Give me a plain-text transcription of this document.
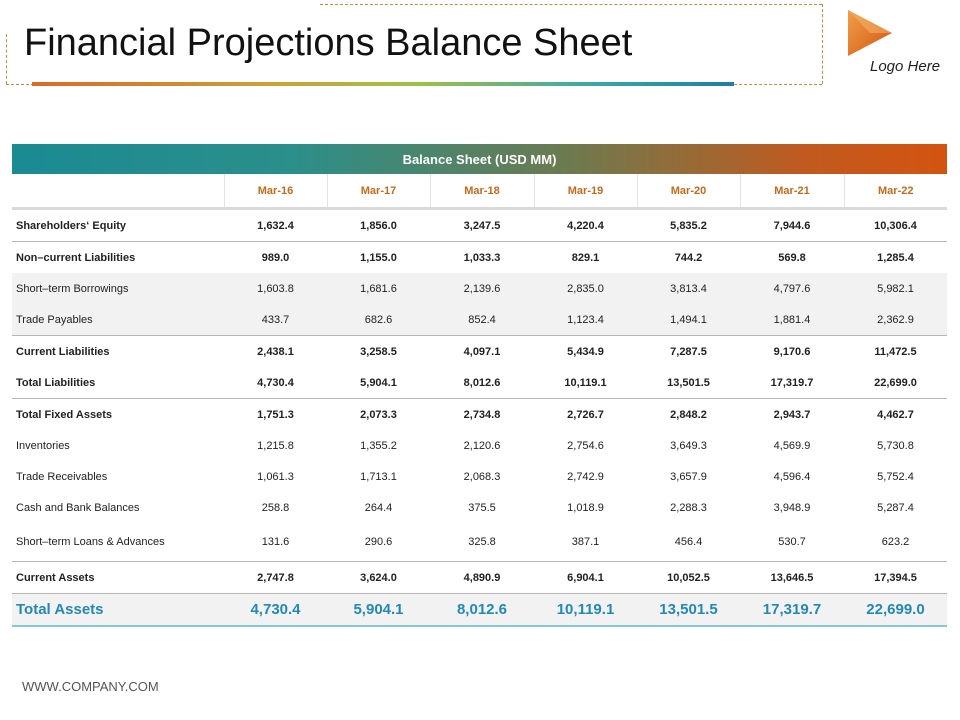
Financial Projections Balance Sheet
Logo Here
Balance Sheet (USD MM)							
	Mar-16	Mar-17	Mar-18	Mar-19	Mar-20	Mar-21	Mar-22
Shareholders‘ Equity	1,632.4	1,856.0	3,247.5	4,220.4	5,835.2	7,944.6	10,306.4
Non–current Liabilities	989.0	1,155.0	1,033.3	829.1	744.2	569.8	1,285.4
Short–term Borrowings	1,603.8	1,681.6	2,139.6	2,835.0	3,813.4	4,797.6	5,982.1
Trade Payables	433.7	682.6	852.4	1,123.4	1,494.1	1,881.4	2,362.9
Current Liabilities	2,438.1	3,258.5	4,097.1	5,434.9	7,287.5	9,170.6	11,472.5
Total Liabilities	4,730.4	5,904.1	8,012.6	10,119.1	13,501.5	17,319.7	22,699.0
Total Fixed Assets	1,751.3	2,073.3	2,734.8	2,726.7	2,848.2	2,943.7	4,462.7
Inventories	1,215.8	1,355.2	2,120.6	2,754.6	3,649.3	4,569.9	5,730.8
Trade Receivables	1,061.3	1,713.1	2,068.3	2,742.9	3,657.9	4,596.4	5,752.4
Cash and Bank Balances	258.8	264.4	375.5	1,018.9	2,288.3	3,948.9	5,287.4
Short–term Loans & Advances	131.6	290.6	325.8	387.1	456.4	530.7	623.2
Current Assets	2,747.8	3,624.0	4,890.9	6,904.1	10,052.5	13,646.5	17,394.5
Total Assets	4,730.4	5,904.1	8,012.6	10,119.1	13,501.5	17,319.7	22,699.0
WWW.COMPANY.COM
